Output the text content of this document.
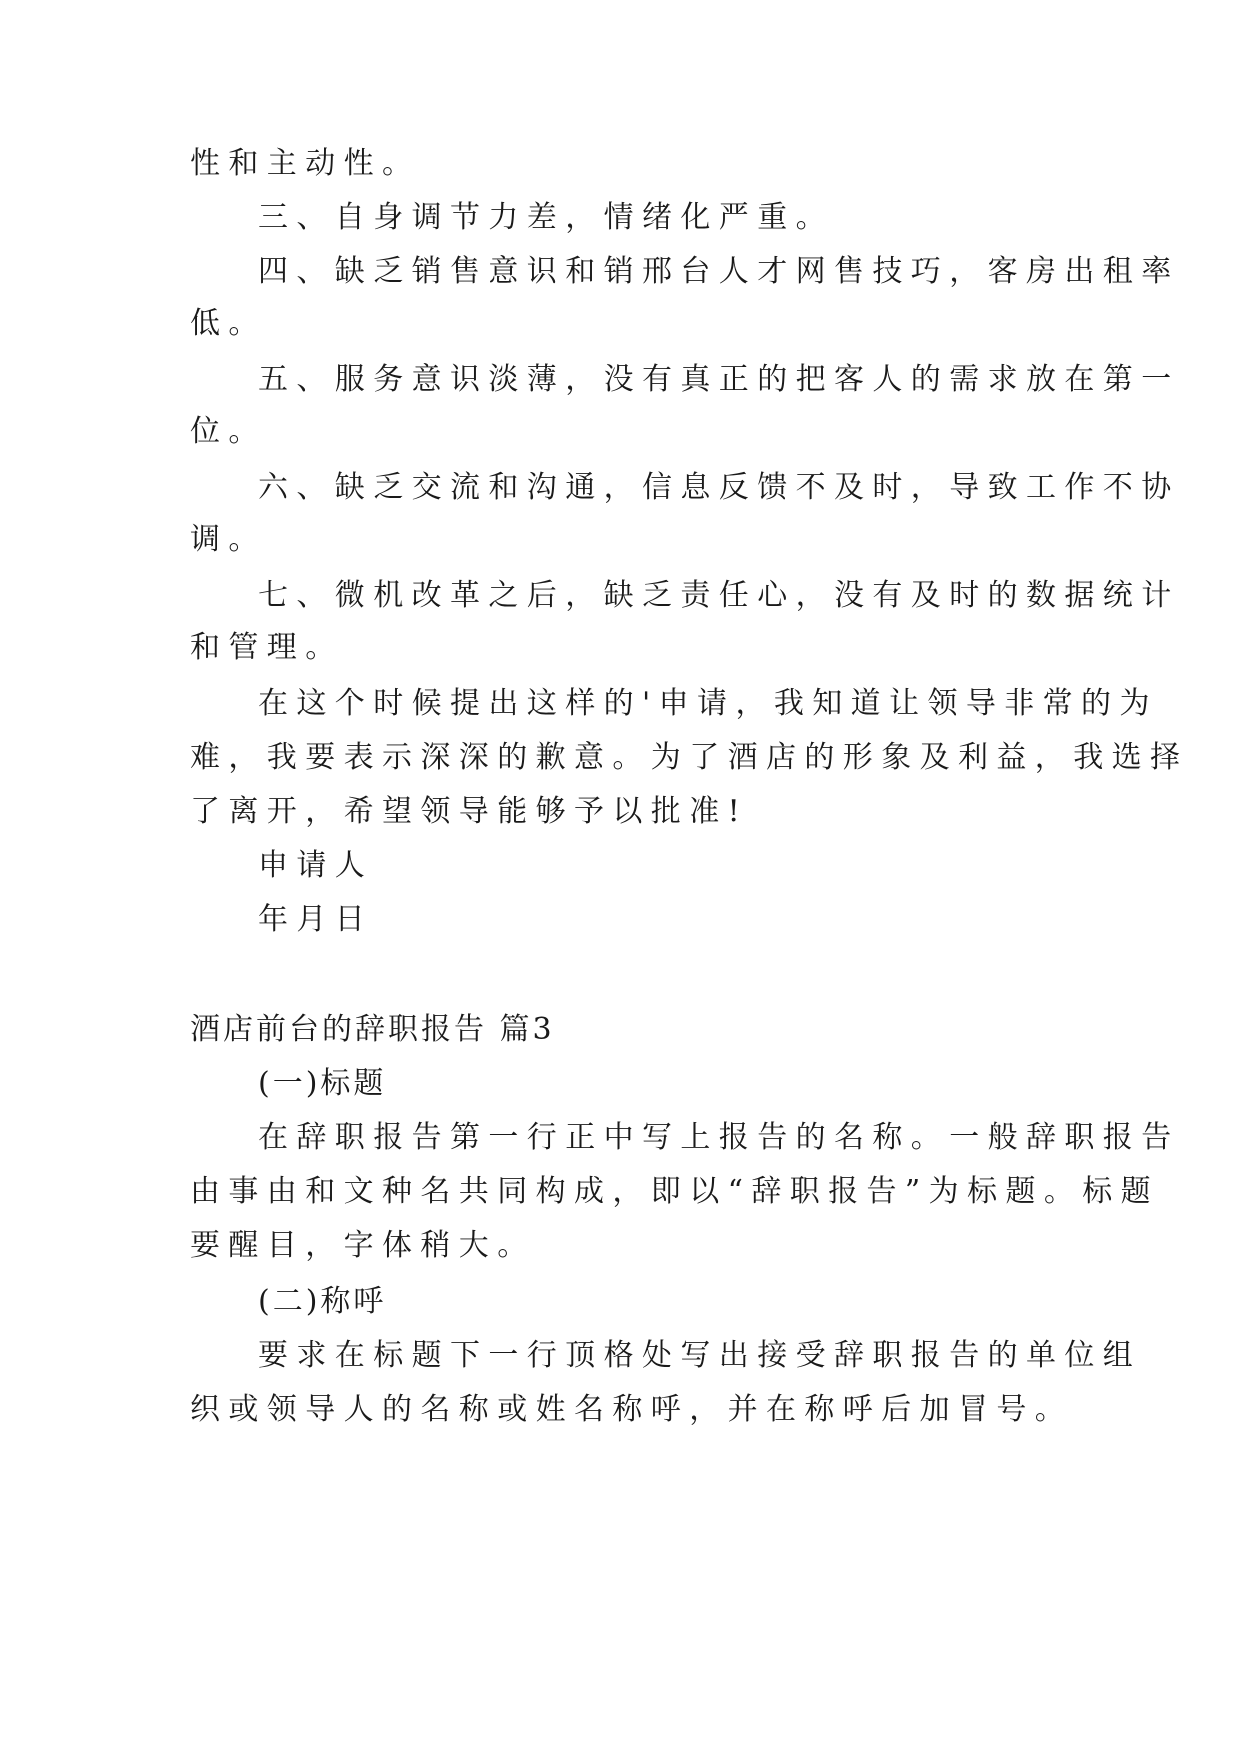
性和主动性。
三、自身调节力差，情绪化严重。
四、缺乏销售意识和销邢台人才网售技巧，客房出租率
低。
五、服务意识淡薄，没有真正的把客人的需求放在第一
位。
六、缺乏交流和沟通，信息反馈不及时，导致工作不协
调。
七、微机改革之后，缺乏责任心，没有及时的数据统计
和管理。
在这个时候提出这样的'申请，我知道让领导非常的为
难，我要表示深深的歉意。为了酒店的形象及利益，我选择
了离开，希望领导能够予以批准!
申请人
年月日
酒店前台的辞职报告 篇3
(一)标题
在辞职报告第一行正中写上报告的名称。一般辞职报告
由事由和文种名共同构成，即以“辞职报告”为标题。标题
要醒目，字体稍大。
(二)称呼
要求在标题下一行顶格处写出接受辞职报告的单位组
织或领导人的名称或姓名称呼，并在称呼后加冒号。
